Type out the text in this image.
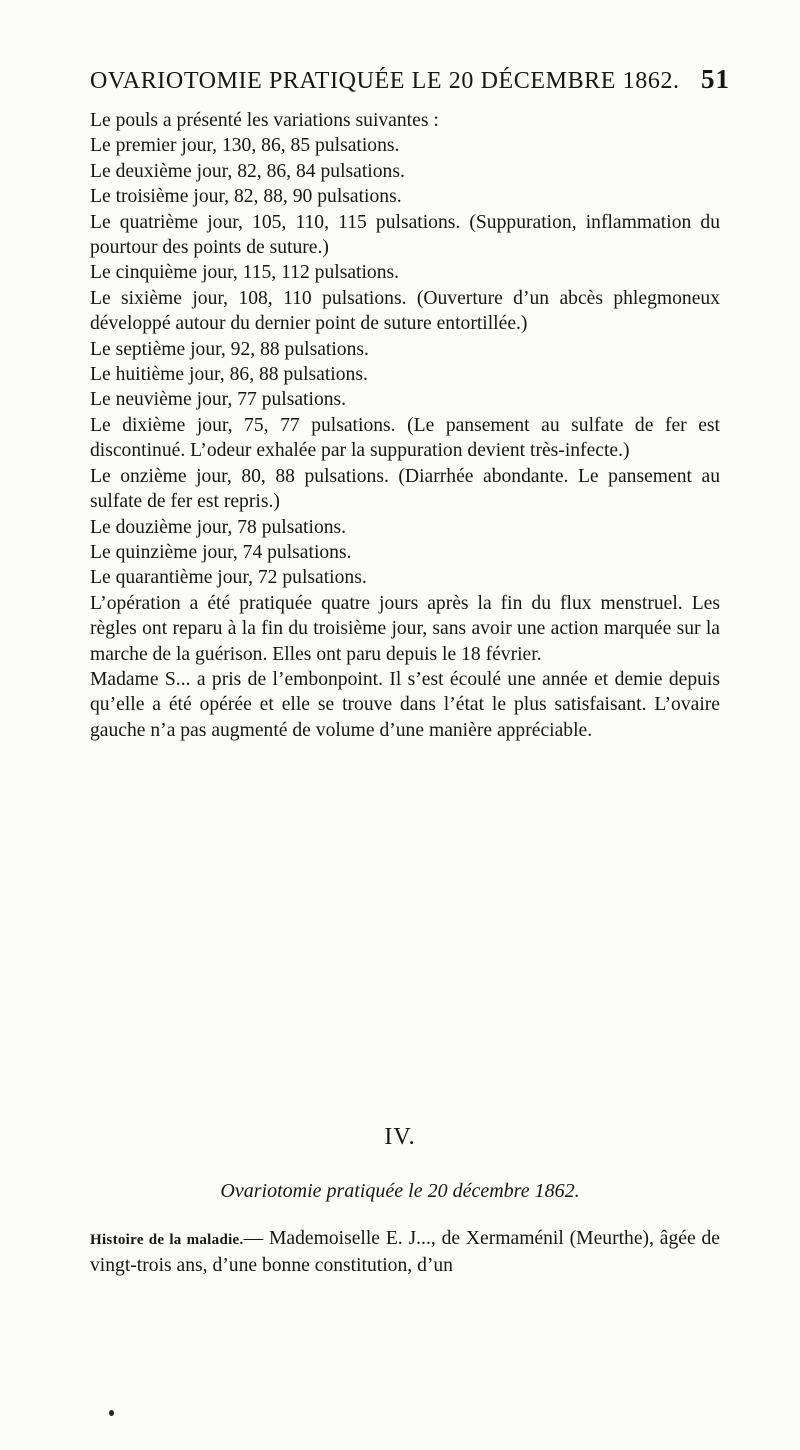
OVARIOTOMIE PRATIQUÉE LE 20 DÉCEMBRE 1862. 51

Le pouls a présenté les variations suivantes :

Le premier jour, 130, 86, 85 pulsations.

Le deuxième jour, 82, 86, 84 pulsations.

Le troisième jour, 82, 88, 90 pulsations.

Le quatrième jour, 105, 110, 115 pulsations. (Suppuration, inflammation du pourtour des points de suture.)

Le cinquième jour, 115, 112 pulsations.

Le sixième jour, 108, 110 pulsations. (Ouverture d’un abcès phlegmoneux développé autour du dernier point de suture entortillée.)

Le septième jour, 92, 88 pulsations.

Le huitième jour, 86, 88 pulsations.

Le neuvième jour, 77 pulsations.

Le dixième jour, 75, 77 pulsations. (Le pansement au sulfate de fer est discontinué. L’odeur exhalée par la suppuration devient très-infecte.)

Le onzième jour, 80, 88 pulsations. (Diarrhée abondante. Le pansement au sulfate de fer est repris.)

Le douzième jour, 78 pulsations.

Le quinzième jour, 74 pulsations.

Le quarantième jour, 72 pulsations.

L’opération a été pratiquée quatre jours après la fin du flux menstruel. Les règles ont reparu à la fin du troisième jour, sans avoir une action marquée sur la marche de la guérison. Elles ont paru depuis le 18 février.

Madame S... a pris de l’embonpoint. Il s’est écoulé une année et demie depuis qu’elle a été opérée et elle se trouve dans l’état le plus satisfaisant. L’ovaire gauche n’a pas augmenté de volume d’une manière appréciable.

IV.
Ovariotomie pratiquée le 20 décembre 1862.
Histoire de la maladie.— Mademoiselle E. J..., de Xermaménil (Meurthe), âgée de vingt-trois ans, d’une bonne constitution, d’un
